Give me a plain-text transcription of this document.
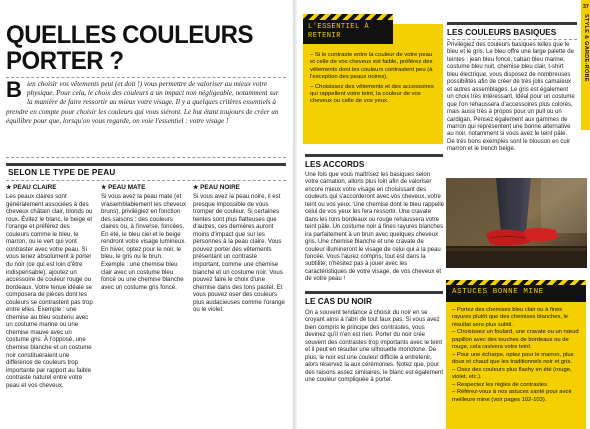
QUELLES COULEURS
PORTER ?
B ien choisir vos vêtements peut (et doit !) vous permettre de valoriser au mieux votre physique. Pour cela, le choix des couleurs a un impact non négligeable, notamment sur la manière de faire ressortir au mieux votre visage. Il y a quelques critères essentiels à prendre en compte pour choisir les couleurs qui vous siéront. Le but étant toujours de créer un équilibre pour que, lorsqu'on vous regarde, on voie l'essentiel : votre visage !
SELON LE TYPE DE PEAU
★ PEAU CLAIRE
Les peaux claires sont généralement associées à des cheveux châtain clair, blonds ou roux. Évitez le blanc, le beige et l'orange et préférez des couleurs comme le bleu, le marron, ou le vert qui vont contraster avec votre peau. Si vous tenez absolument à porter du noir (ce qui est loin d'être indispensable), ajoutez un accessoire de couleur rouge ou bordeaux. Votre tenue idéale se composera de pièces dont les couleurs se contrastent pas trop entre elles. Exemple : une chemise au bleu soutenu avec un costume marine ou une chemise mauve avec un costume gris. À l'opposé, une chemise blanche et un costume noir constitueraient une différence de couleurs trop importante par rapport au faible contraste naturel entre votre peau et vos cheveux.
★ PEAU MATE
Si vous avez la peau mate (et vraisemblablement les cheveux bruns), privilégiez en fonction des saisons : des couleurs claires ou, à l'inverse, foncées. En été, le bleu ciel et le beige rendront votre visage lumineux. En hiver, optez pour le noir, le bleu, le gris ou le brun. Exemple : une chemise bleu clair avec un costume bleu foncé ou une chemise blanche avec un costume gris foncé.
★ PEAU NOIRE
Si vous avez la peau noire, il est presque impossible de vous tromper de couleur. Si certaines teintes sont plus flatteuses que d'autres, ces dernières auront moins d'impact que sur les personnes à la peau claire. Vous pouvez porter des vêtements présentant un contraste important, comme une chemise blanche et un costume noir. Vous pouvez faire le choix d'une chemise dans des tons pastel. Et vous pouvez oser des couleurs plus audacieuses comme l'orange ou le violet.
L'ESSENTIEL À RETENIR

– Si le contraste entre la couleur de votre peau et celle de vos cheveux est faible, préférez des vêtements dont les couleurs contrastent peu (à l'exception des peaux noires).

– Choisissez des vêtements et des accessoires qui rappellent votre teint, la couleur de vos cheveux ou celle de vos yeux.

LES COULEURS BASIQUES
Privilégiez des couleurs basiques telles que le bleu et le gris. Le bleu offre une large palette de teintes : jean bleu foncé, caban bleu marine, costume bleu nuit, chemise bleu clair, t-shirt bleu électrique, vous disposez de nombreuses possibilités afin de créer de très jolis camaïeux et autres assemblages. Le gris est également un choix très intéressant. Idéal pour un costume que l'on rehaussera d'accessoires plus colorés, mais aussi très à propos pour un pull ou un cardigan. Pensez également aux gammes de marron qui représentent une bonne alternative au noir, notamment si vous avez le teint pâle. De très bons exemples sont le blouson en cuir marron et le trench beige.
LES ACCORDS
Une fois que vous maîtrisez les basiques selon votre carnation, allons plus loin afin de valoriser encore mieux votre visage en choisissant des couleurs qui s'accorderont avec vos cheveux, votre teint ou vos yeux. Une chemise dont le bleu rappelle celui de vos yeux les fera ressortir. Une cravate dans les tons bordeaux ou rouge rehaussera votre teint pâle. Un costume noir à fines rayures blanches ira parfaitement à un brun avec quelques cheveux gris. Une chemise blanche et une cravate de couleur illumineront le visage de celui qui a la peau foncée. Vous l'aurez compris, tout est dans la subtilité, n'hésitez pas à jouer avec les caractéristiques de votre visage, de vos cheveux et de votre peau !
LE CAS DU NOIR
On a souvent tendance à choisir du noir en se croyant ainsi à l'abri de tout faux pas. Si vous avez bien compris le principe des contrastes, vous devinez qu'il n'en est rien. Porter du noir crée souvent des contrastes trop importants avec le teint et il peut en résulter une silhouette monotone. De plus, le noir est une couleur difficile à entretenir, alors réservez la aux cérémonies. Notez que, pour des raisons assez similaires, le blanc est également une couleur compliquée à porter.
ASTUCES BONNE MINE

– Portez des chemises bleu clair ou à fines rayures plutôt que des chemises blanches, le résultat sera plus subtil.

– Choisissez un foulard, une cravate ou un nœud papillon avec des touches de bordeaux ou de rouge, cela ravivera votre teint.

– Pour une écharpe, optez pour le marron, plus doux et chaud que les traditionnels noir et gris.

– Osez des couleurs plus flashy en été (rouge, violet, etc.).

– Respectez les règles de contrastes.

– Référez-vous à nos astuces santé pour avoir meilleure mine (voir pages 102-103).

STYLE & GARDE-ROBE
37
